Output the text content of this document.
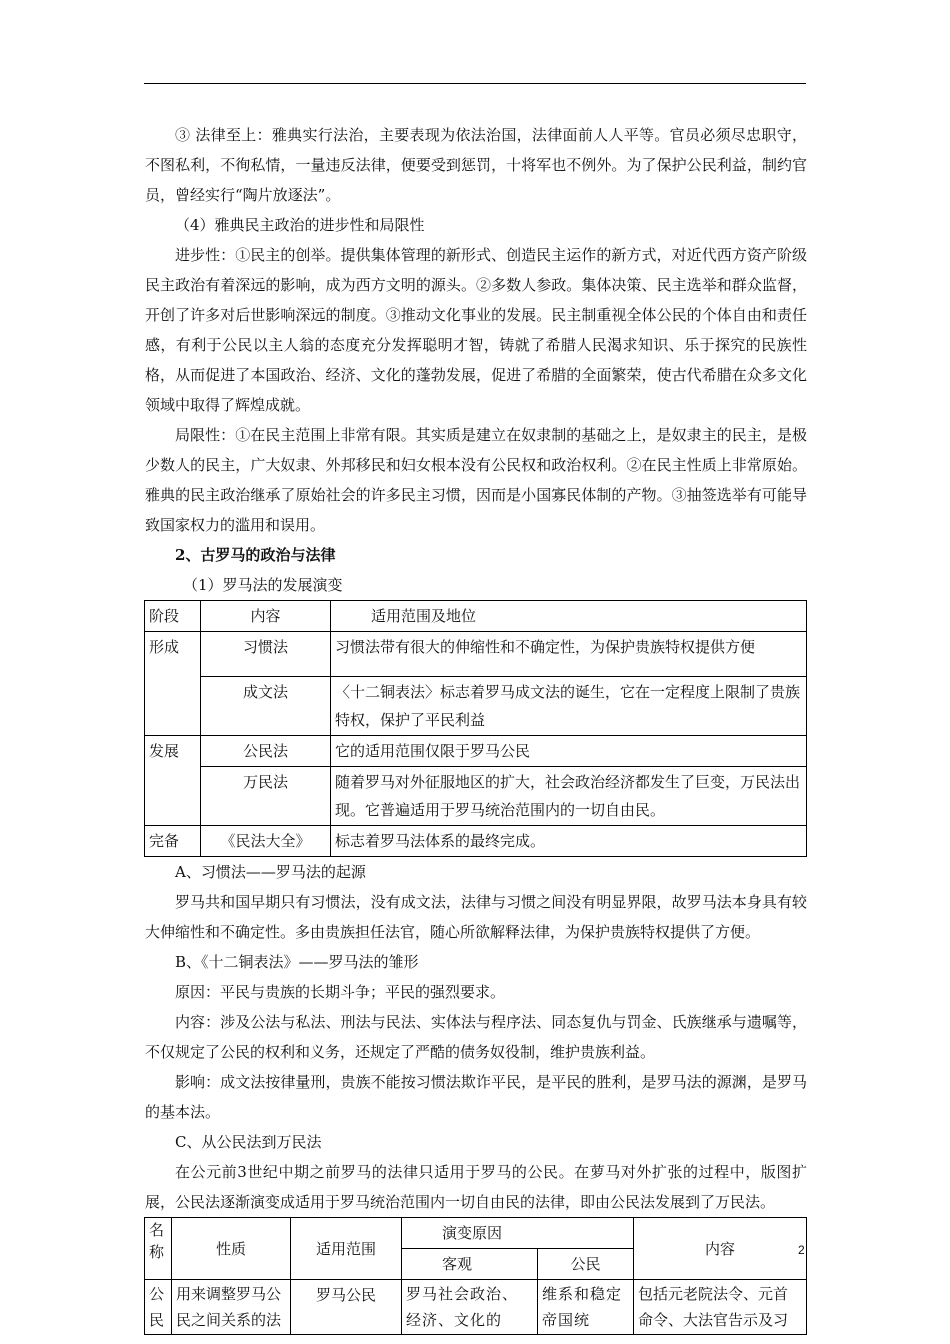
③ 法律至上：雅典实行法治，主要表现为依法治国，法律面前人人平等。官员必须尽忠职守，不图私利，不徇私情，一量违反法律，便要受到惩罚，十将军也不例外。为了保护公民利益，制约官员，曾经实行“陶片放逐法”。

（4）雅典民主政治的进步性和局限性

进步性：①民主的创举。提供集体管理的新形式、创造民主运作的新方式，对近代西方资产阶级民主政治有着深远的影响，成为西方文明的源头。②多数人参政。集体决策、民主选举和群众监督，开创了许多对后世影响深远的制度。③推动文化事业的发展。民主制重视全体公民的个体自由和责任感，有利于公民以主人翁的态度充分发挥聪明才智，铸就了希腊人民渴求知识、乐于探究的民族性格，从而促进了本国政治、经济、文化的蓬勃发展，促进了希腊的全面繁荣，使古代希腊在众多文化领域中取得了辉煌成就。

局限性：①在民主范围上非常有限。其实质是建立在奴隶制的基础之上，是奴隶主的民主，是极少数人的民主，广大奴隶、外邦移民和妇女根本没有公民权和政治权利。②在民主性质上非常原始。雅典的民主政治继承了原始社会的许多民主习惯，因而是小国寡民体制的产物。③抽签选举有可能导致国家权力的滥用和误用。

2、古罗马的政治与法律

（1）罗马法的发展演变

阶段	内容	适用范围及地位
形成	习惯法	习惯法带有很大的伸缩性和不确定性，为保护贵族特权提供方便
	成文法	〈十二铜表法〉标志着罗马成文法的诞生，它在一定程度上限制了贵族特权，保护了平民利益
发展	公民法	它的适用范围仅限于罗马公民
	万民法	随着罗马对外征服地区的扩大，社会政治经济都发生了巨变，万民法出现。它普遍适用于罗马统治范围内的一切自由民。
完备	《民法大全》	标志着罗马法体系的最终完成。

A、习惯法——罗马法的起源

罗马共和国早期只有习惯法，没有成文法，法律与习惯之间没有明显界限，故罗马法本身具有较大伸缩性和不确定性。多由贵族担任法官，随心所欲解释法律，为保护贵族特权提供了方便。

B、《十二铜表法》——罗马法的雏形

原因：平民与贵族的长期斗争；平民的强烈要求。

内容：涉及公法与私法、刑法与民法、实体法与程序法、同态复仇与罚金、氏族继承与遗嘱等，不仅规定了公民的权利和义务，还规定了严酷的债务奴役制，维护贵族利益。

影响：成文法按律量刑，贵族不能按习惯法欺诈平民，是平民的胜利，是罗马法的源渊，是罗马的基本法。

C、从公民法到万民法

在公元前3世纪中期之前罗马的法律只适用于罗马的公民。在萝马对外扩张的过程中，版图扩展，公民法逐渐演变成适用于罗马统治范围内一切自由民的法律，即由公民法发展到了万民法。

名称	性质	适用范围	演变原因		内容
			客观	公民	
公民	用来调整罗马公民之间关系的法	罗马公民	罗马社会政治、经济、文化的	维系和稳定帝国统	包括元老院法令、元首命令、大法官告示及习
2
